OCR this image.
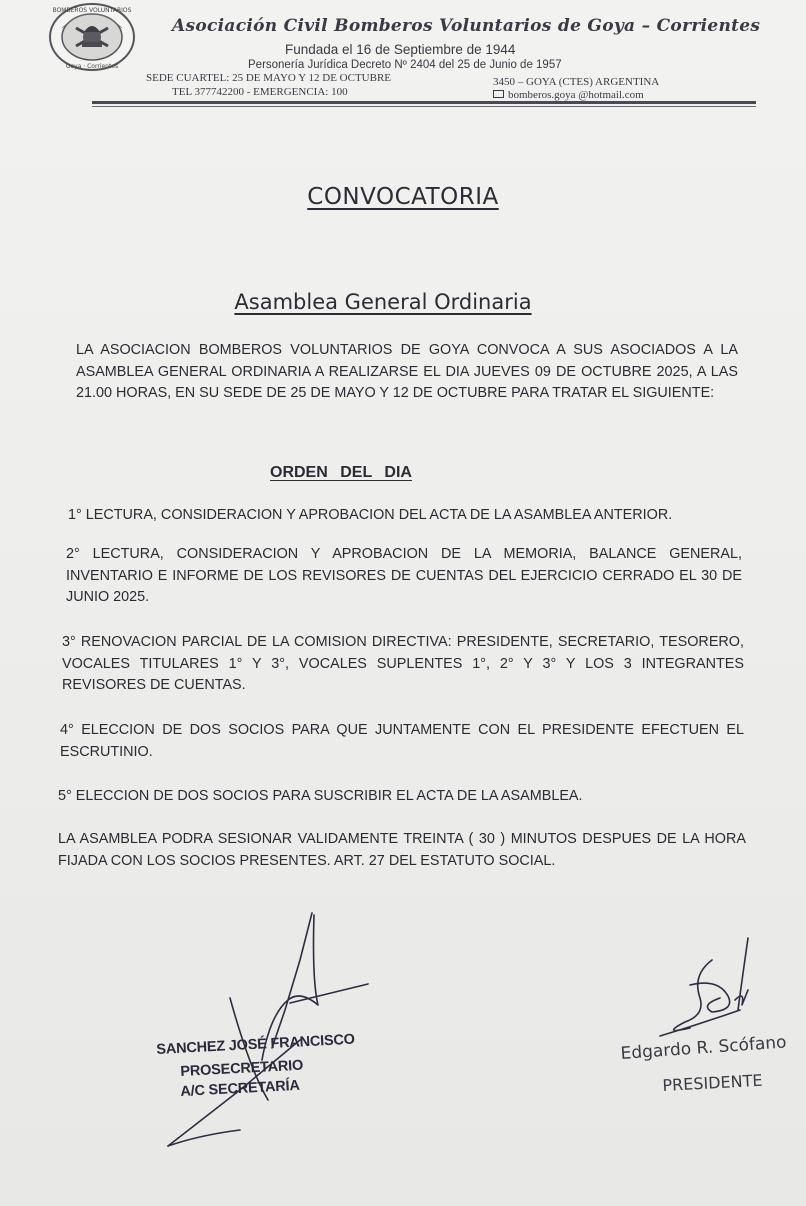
BOMBEROS VOLUNTARIOS
Goya · Corrientes
Asociación Civil Bomberos Voluntarios de Goya – Corrientes
Fundada el 16 de Septiembre de 1944
Personería Jurídica Decreto Nº 2404 del 25 de Junio de 1957
SEDE CUARTEL: 25 DE MAYO Y 12 DE OCTUBRE
TEL 377742200 - EMERGENCIA: 100
3450 – GOYA (CTES) ARGENTINA
bomberos.goya @hotmail.com
CONVOCATORIA
Asamblea General Ordinaria
LA ASOCIACION BOMBEROS VOLUNTARIOS DE GOYA CONVOCA A SUS ASOCIADOS A LA ASAMBLEA GENERAL ORDINARIA A REALIZARSE EL DIA JUEVES 09 DE OCTUBRE 2025, A LAS 21.00 HORAS, EN SU SEDE DE 25 DE MAYO Y 12 DE OCTUBRE PARA TRATAR EL SIGUIENTE:
ORDEN DEL DIA
1° LECTURA, CONSIDERACION Y APROBACION DEL ACTA DE LA ASAMBLEA ANTERIOR.
2° LECTURA, CONSIDERACION Y APROBACION DE LA MEMORIA, BALANCE GENERAL, INVENTARIO E INFORME DE LOS REVISORES DE CUENTAS DEL EJERCICIO CERRADO EL 30 DE JUNIO 2025.
3° RENOVACION PARCIAL DE LA COMISION DIRECTIVA: PRESIDENTE, SECRETARIO, TESORERO, VOCALES TITULARES 1° Y 3°, VOCALES SUPLENTES 1°, 2° Y 3° Y LOS 3 INTEGRANTES REVISORES DE CUENTAS.
4° ELECCION DE DOS SOCIOS PARA QUE JUNTAMENTE CON EL PRESIDENTE EFECTUEN EL ESCRUTINIO.
5° ELECCION DE DOS SOCIOS PARA SUSCRIBIR EL ACTA DE LA ASAMBLEA.
LA ASAMBLEA PODRA SESIONAR VALIDAMENTE TREINTA ( 30 ) MINUTOS DESPUES DE LA HORA FIJADA CON LOS SOCIOS PRESENTES. ART. 27 DEL ESTATUTO SOCIAL.
SANCHEZ JOSÉ FRANCISCO
PROSECRETARIO
A/C SECRETARÍA
Edgardo R. Scófano
PRESIDENTE
